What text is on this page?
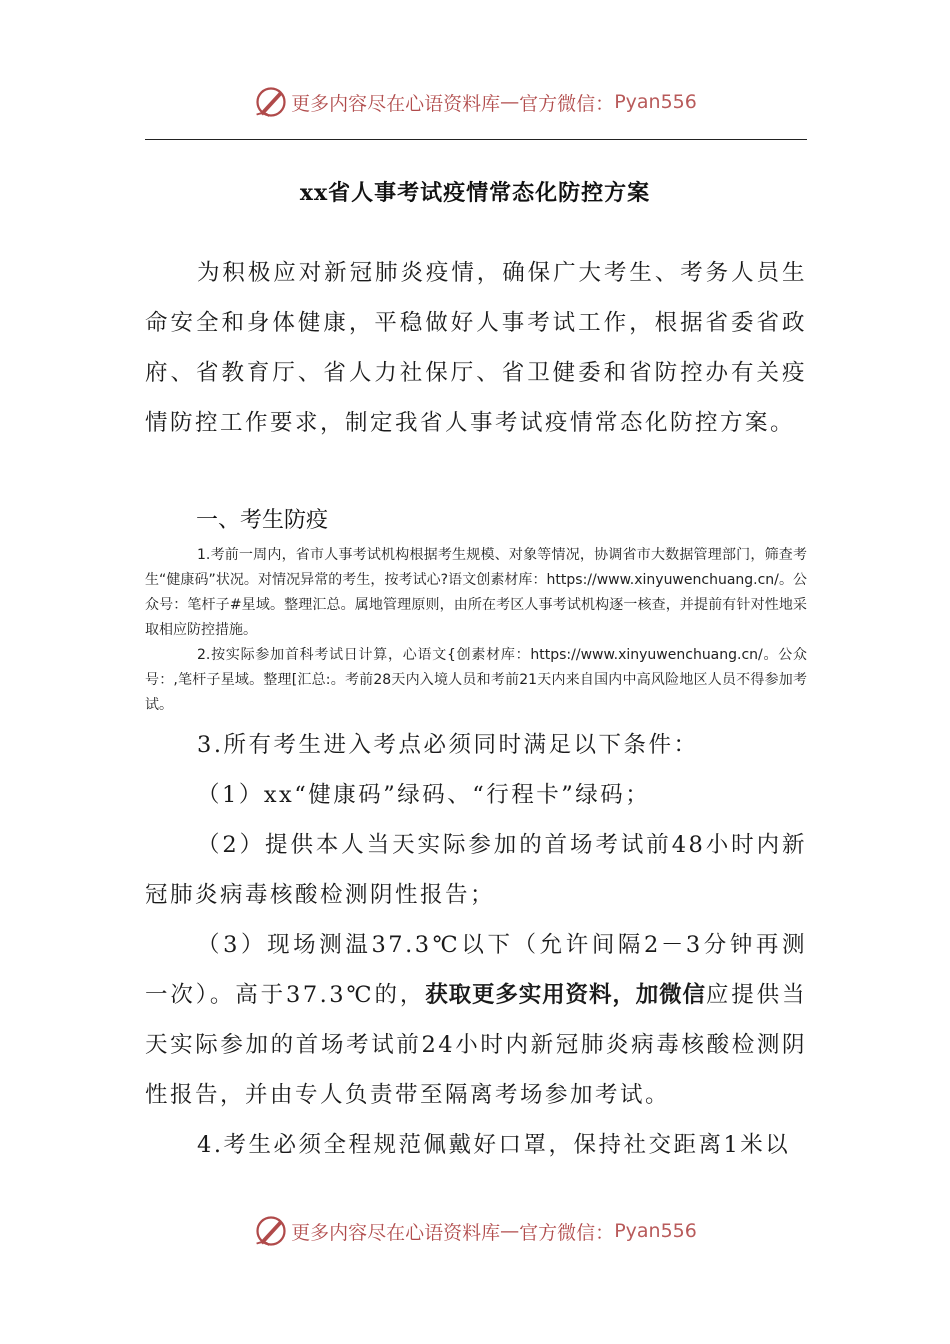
更多内容尽在心语资料库 — 官方微信： Pyan556
xx省人事考试疫情常态化防控方案
为积极应对新冠肺炎疫情，确保广大考生、考务人员生命安全和身体健康，平稳做好人事考试工作，根据省委省政府、省教育厅、省人力社保厅、省卫健委和省防控办有关疫情防控工作要求，制定我省人事考试疫情常态化防控方案。
一、考生防疫
1.考前一周内，省市人事考试机构根据考生规模、对象等情况，协调省市大数据管理部门，筛查考生“健康码”状况。对情况异常的考生，按考试心?语文创素材库：https://www.xinyuwenchuang.cn/。公众号：笔杆子#星域。整理汇总。属地管理原则，由所在考区人事考试机构逐一核查，并提前有针对性地采取相应防控措施。
2.按实际参加首科考试日计算，心语文{创素材库：https://www.xinyuwenchuang.cn/。公众号：,笔杆子星域。整理[汇总:。考前28天内入境人员和考前21天内来自国内中高风险地区人员不得参加考试。

3.所有考生进入考点必须同时满足以下条件：

（1）xx“健康码”绿码、“行程卡”绿码；

（2）提供本人当天实际参加的首场考试前48小时内新冠肺炎病毒核酸检测阴性报告；

（3）现场测温37.3℃以下（允许间隔2－3分钟再测一次）。高于37.3℃的，获取更多实用资料，加微信应提供当天实际参加的首场考试前24小时内新冠肺炎病毒核酸检测阴性报告，并由专人负责带至隔离考场参加考试。

4.考生必须全程规范佩戴好口罩，保持社交距离1米以

更多内容尽在心语资料库 — 官方微信： Pyan556
